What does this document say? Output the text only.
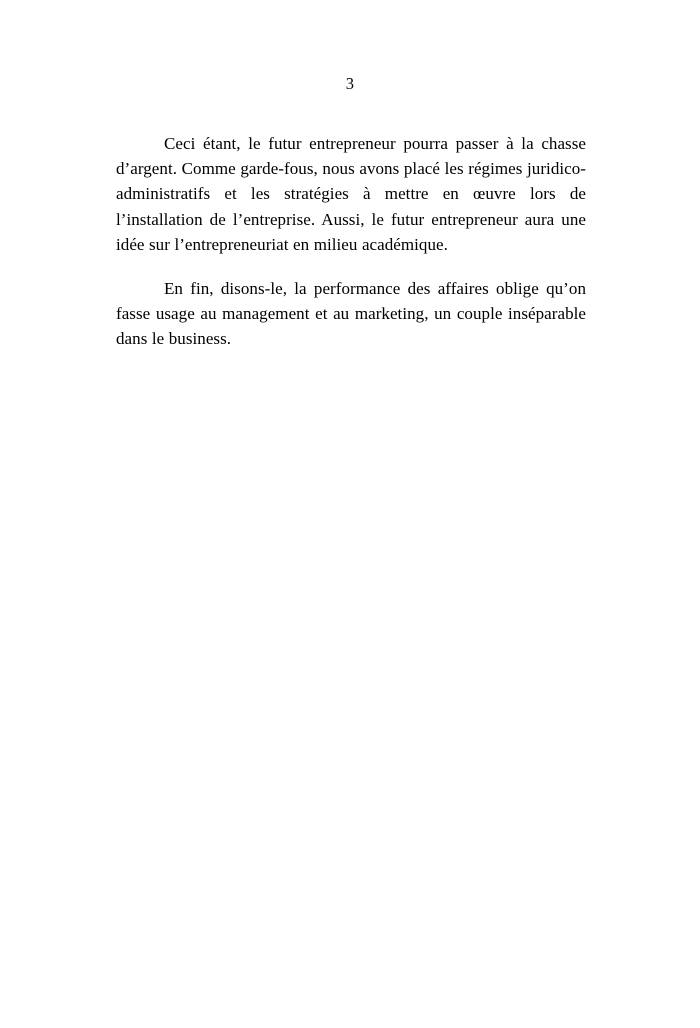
3

Ceci étant, le futur entrepreneur pourra passer à la chasse d’argent. Comme garde-fous, nous avons placé les régimes juridico-administratifs et les stratégies à mettre en œuvre lors de l’installation de l’entreprise. Aussi, le futur entrepreneur aura une idée sur l’entrepreneuriat en milieu académique.

En fin, disons-le, la performance des affaires oblige qu’on fasse usage au management et au marketing, un couple inséparable dans le business.
